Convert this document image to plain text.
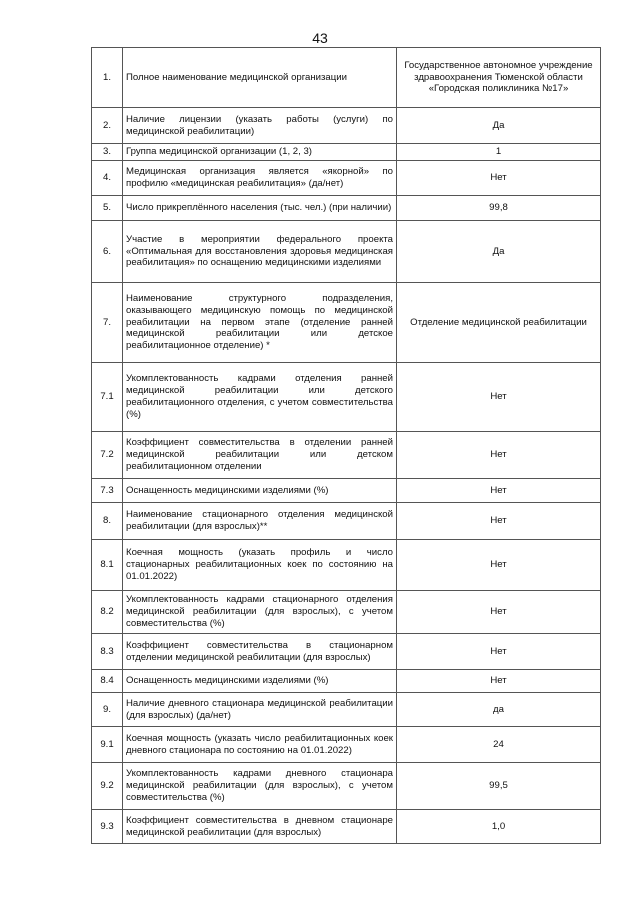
43
1.	Полное наименование медицинской организации	Государственное автономное учреждение здравоохранения Тюменской области «Городская поликлиника №17»
2.	Наличие лицензии (указать работы (услуги) по медицинской реабилитации)	Да
3.	Группа медицинской организации (1, 2, 3)	1
4.	Медицинская организация является «якорной» по профилю «медицинская реабилитация» (да/нет)	Нет
5.	Число прикреплённого населения (тыс. чел.) (при наличии)	99,8
6.	Участие в мероприятии федерального проекта «Оптимальная для восстановления здоровья медицинская реабилитация» по оснащению медицинскими изделиями	Да
7.	Наименование структурного подразделения, оказывающего медицинскую помощь по медицинской реабилитации на первом этапе (отделение ранней медицинской реабилитации или детское реабилитационное отделение) *	Отделение медицинской реабилитации
7.1	Укомплектованность кадрами отделения ранней медицинской реабилитации или детского реабилитационного отделения, с учетом совместительства (%)	Нет
7.2	Коэффициент совместительства в отделении ранней медицинской реабилитации или детском реабилитационном отделении	Нет
7.3	Оснащенность медицинскими изделиями (%)	Нет
8.	Наименование стационарного отделения медицинской реабилитации (для взрослых)**	Нет
8.1	Коечная мощность (указать профиль и число стационарных реабилитационных коек по состоянию на 01.01.2022)	Нет
8.2	Укомплектованность кадрами стационарного отделения медицинской реабилитации (для взрослых), с учетом совместительства (%)	Нет
8.3	Коэффициент совместительства в стационарном отделении медицинской реабилитации (для взрослых)	Нет
8.4	Оснащенность медицинскими изделиями (%)	Нет
9.	Наличие дневного стационара медицинской реабилитации (для взрослых) (да/нет)	да
9.1	Коечная мощность (указать число реабилитационных коек дневного стационара по состоянию на 01.01.2022)	24
9.2	Укомплектованность кадрами дневного стационара медицинской реабилитации (для взрослых), с учетом совместительства (%)	99,5
9.3	Коэффициент совместительства в дневном стационаре медицинской реабилитации (для взрослых)	1,0
